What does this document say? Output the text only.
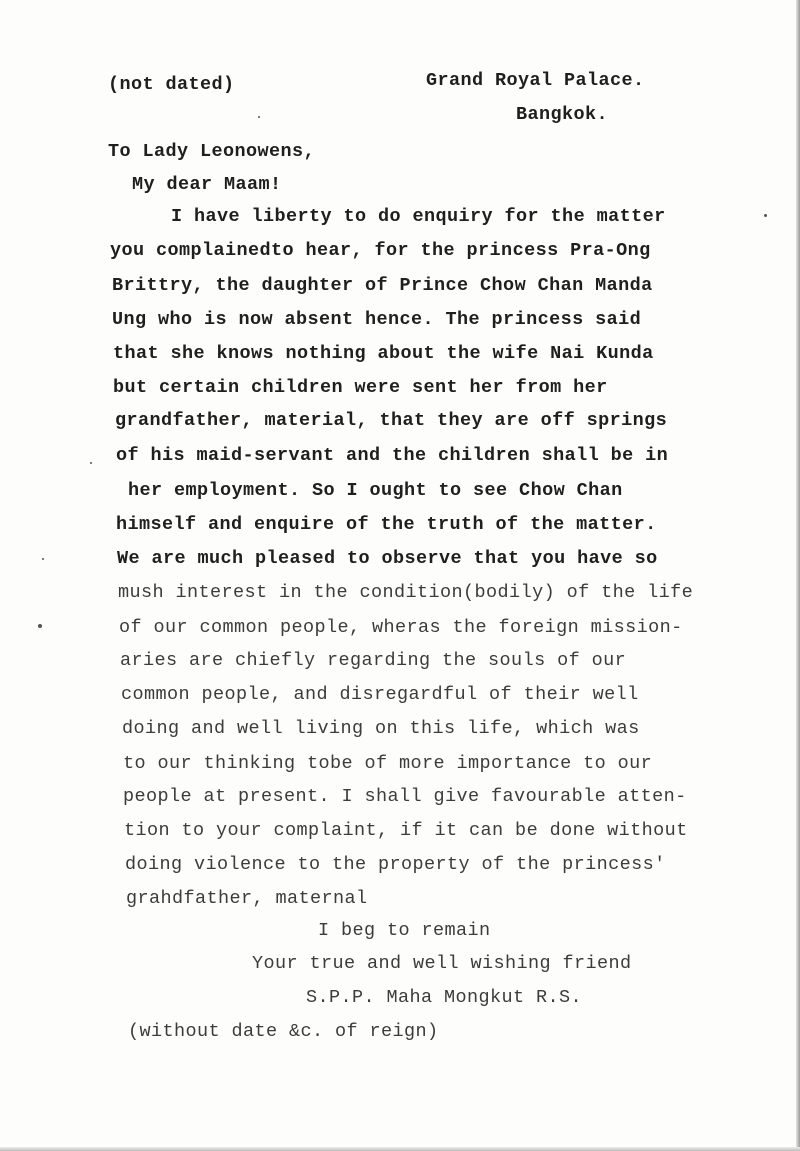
(not dated)	Grand Royal Palace.
Bangkok.
To Lady Leonowens,
My dear Maam!
I have liberty to do enquiry for the matter
you complainedto hear, for the princess Pra-Ong
Brittry, the daughter of Prince Chow Chan Manda
Ung who is now absent hence. The princess said
that she knows nothing about the wife Nai Kunda
but certain children were sent her from her
grandfather, material, that they are off springs
of his maid-servant and the children shall be in
her employment. So I ought to see Chow Chan
himself and enquire of the truth of the matter.
We are much pleased to observe that you have so
mush interest in the condition(bodily) of the life
of our common people, wheras the foreign mission-
aries are chiefly regarding the souls of our
common people, and disregardful of their well
doing and well living on this life, which was
to our thinking tobe of more importance to our
people at present. I shall give favourable atten-
tion to your complaint, if it can be done without
doing violence to the property of the princess'
grahdfather, maternal
I beg to remain
Your true and well wishing friend
S.P.P. Maha Mongkut R.S.
(without date &c. of reign)
